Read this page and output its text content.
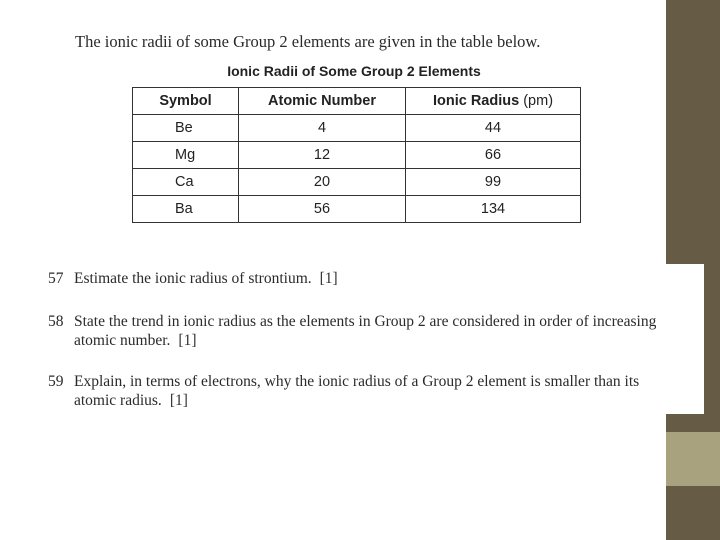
The ionic radii of some Group 2 elements are given in the table below.

Ionic Radii of Some Group 2 Elements

Symbol	Atomic Number	Ionic Radius (pm)
Be	4	44
Mg	12	66
Ca	20	99
Ba	56	134
57 Estimate the ionic radius of strontium. [1]
58 State the trend in ionic radius as the elements in Group 2 are considered in order of increasing atomic number. [1]
59 Explain, in terms of electrons, why the ionic radius of a Group 2 element is smaller than its atomic radius. [1]
